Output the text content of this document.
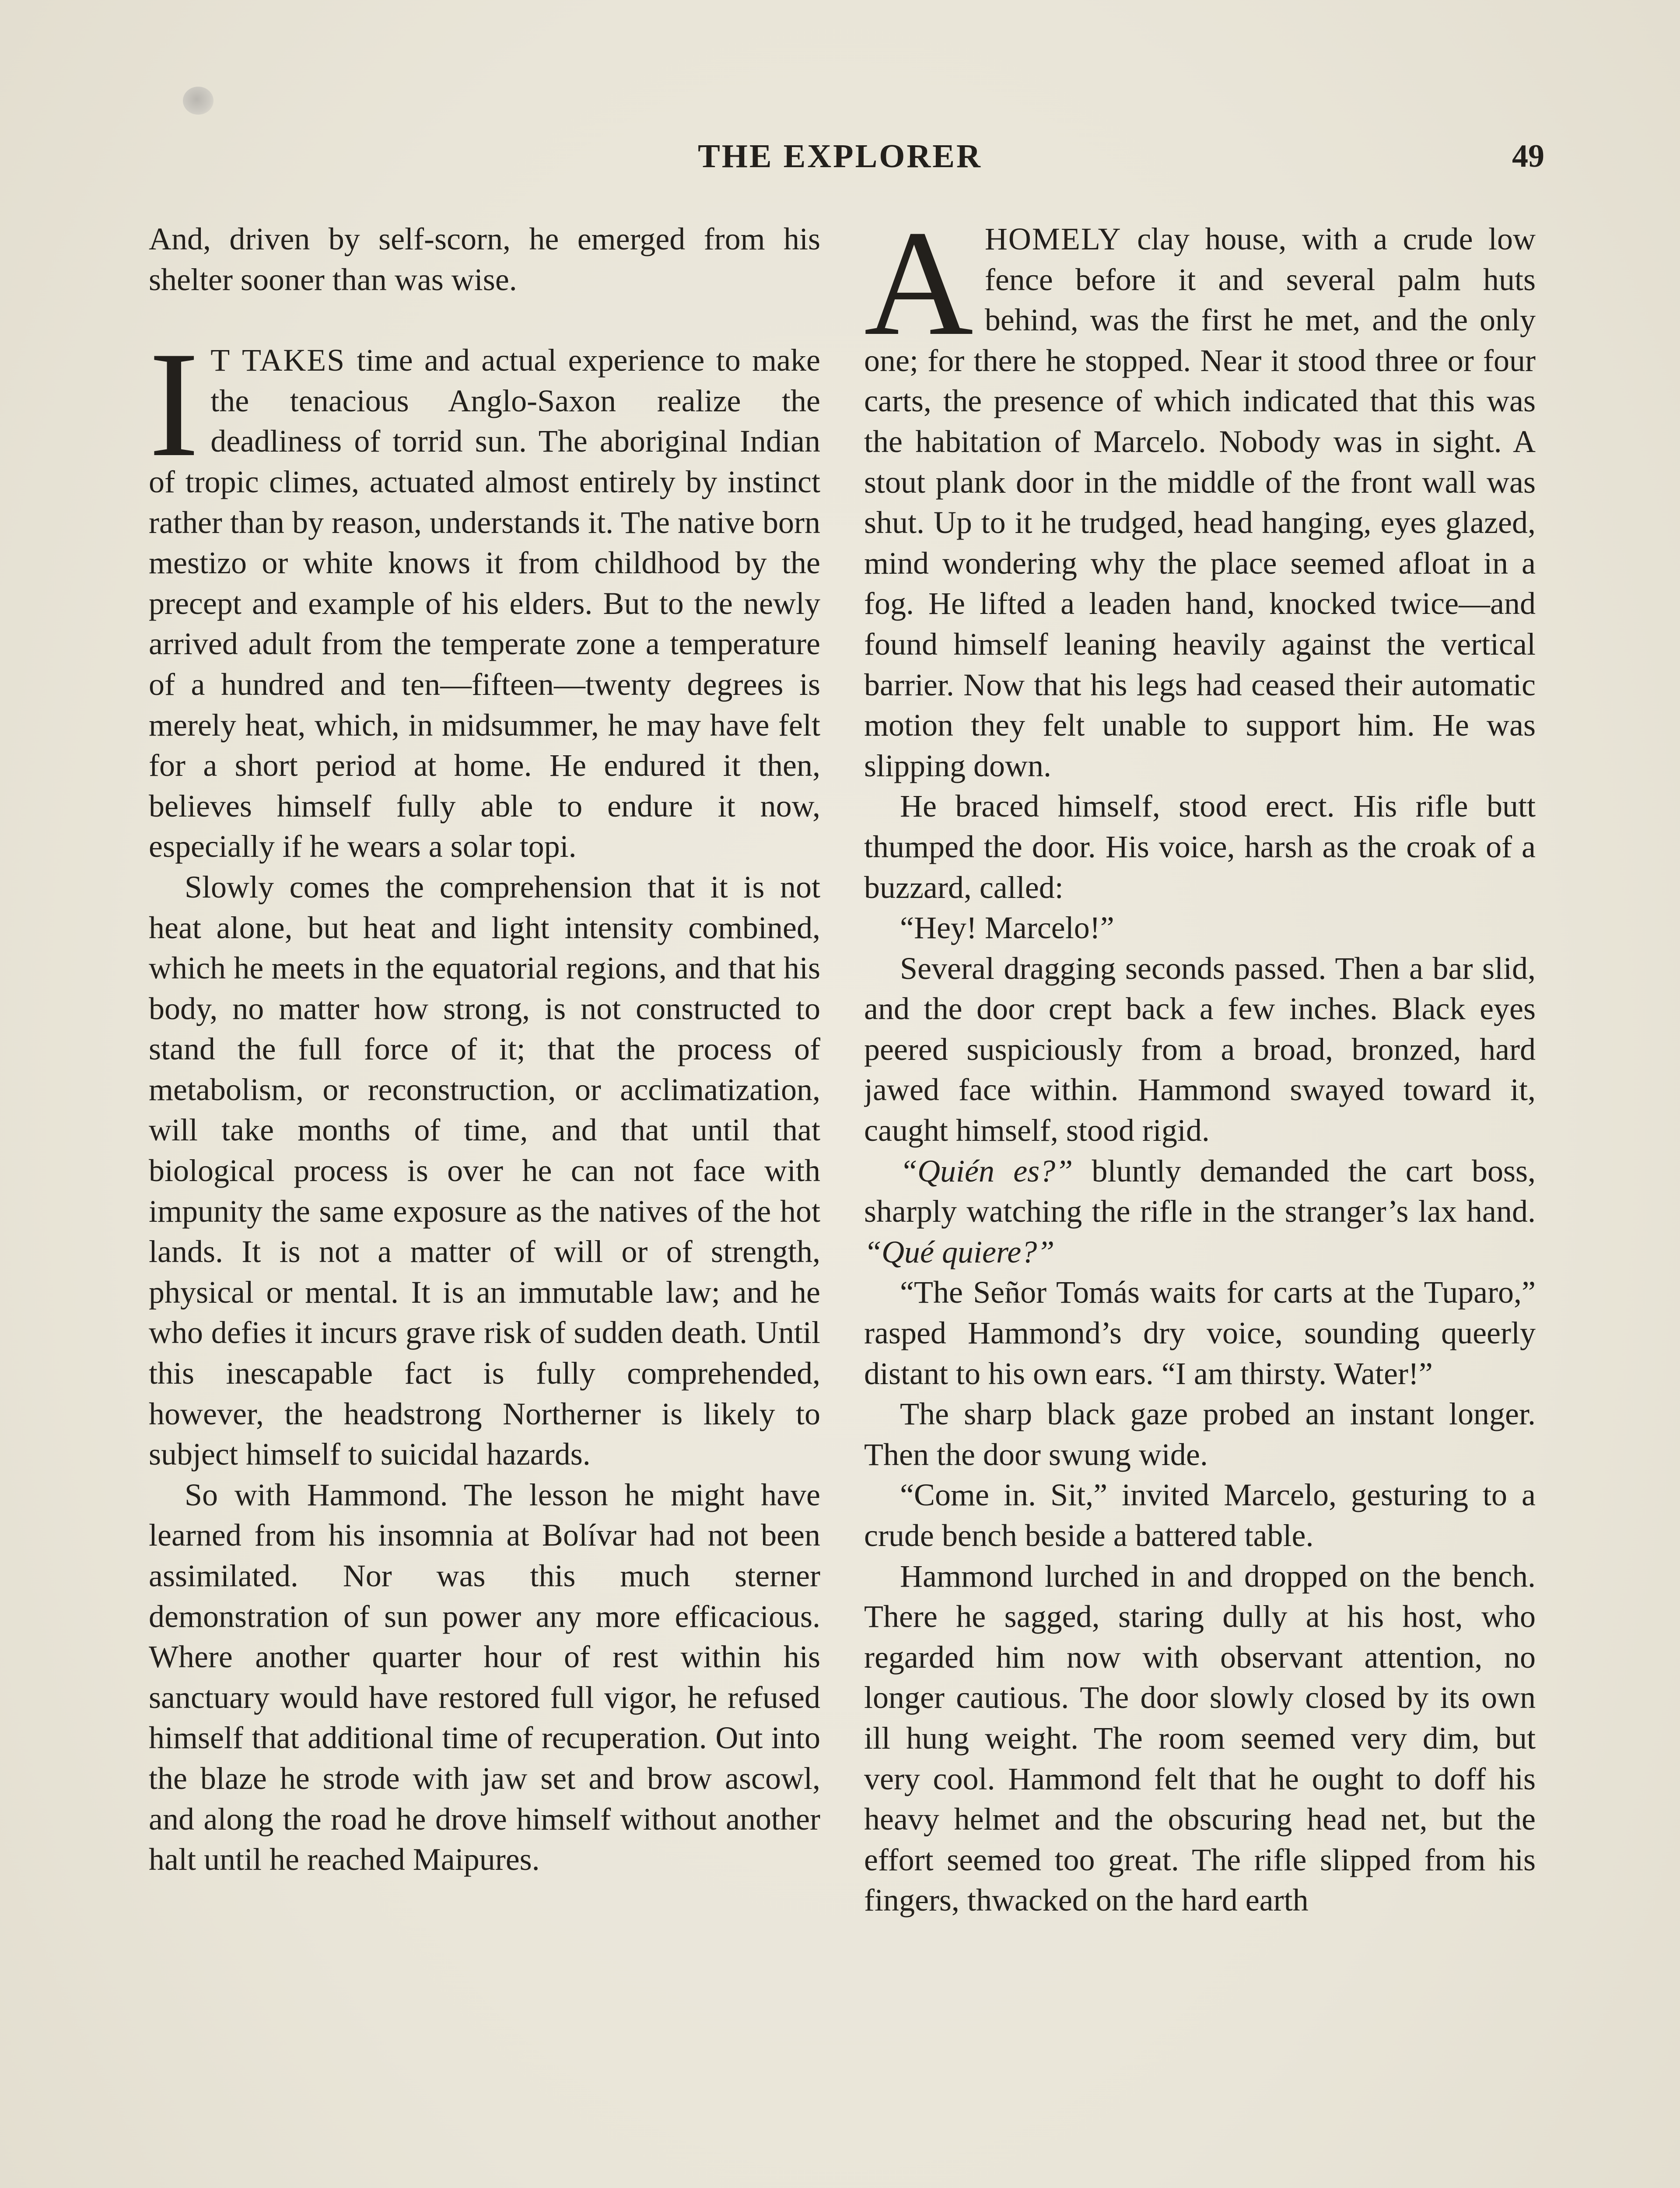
THE EXPLORER	49

And, driven by self-scorn, he emerged from his shelter sooner than was wise.

I T TAKES time and actual experience to make the tenacious Anglo-Saxon realize the deadliness of torrid sun. The aboriginal Indian of tropic climes, actuated almost entirely by instinct rather than by reason, understands it. The native born mestizo or white knows it from childhood by the precept and example of his elders. But to the newly arrived adult from the temperate zone a temperature of a hundred and ten—fifteen—twenty degrees is merely heat, which, in midsummer, he may have felt for a short period at home. He endured it then, believes himself fully able to endure it now, especially if he wears a solar topi.

Slowly comes the comprehension that it is not heat alone, but heat and light intensity combined, which he meets in the equatorial regions, and that his body, no matter how strong, is not constructed to stand the full force of it; that the process of metabolism, or reconstruction, or acclimatization, will take months of time, and that until that biological process is over he can not face with impunity the same exposure as the natives of the hot lands. It is not a matter of will or of strength, physical or mental. It is an immutable law; and he who defies it incurs grave risk of sudden death. Until this inescapable fact is fully comprehended, however, the headstrong Northerner is likely to subject himself to suicidal hazards.

So with Hammond. The lesson he might have learned from his insomnia at Bolívar had not been assimilated. Nor was this much sterner demonstration of sun power any more efficacious. Where another quarter hour of rest within his sanctuary would have restored full vigor, he refused himself that additional time of recuperation. Out into the blaze he strode with jaw set and brow ascowl, and along the road he drove himself without another halt until he reached Maipures.

AHOMELY clay house, with a crude low fence before it and several palm huts behind, was the first he met, and the only one; for there he stopped. Near it stood three or four carts, the presence of which indicated that this was the habitation of Marcelo. Nobody was in sight. A stout plank door in the middle of the front wall was shut. Up to it he trudged, head hanging, eyes glazed, mind wondering why the place seemed afloat in a fog. He lifted a leaden hand, knocked twice—and found himself leaning heavily against the vertical barrier. Now that his legs had ceased their automatic motion they felt unable to support him. He was slipping down.

He braced himself, stood erect. His rifle butt thumped the door. His voice, harsh as the croak of a buzzard, called:

“Hey! Marcelo!”

Several dragging seconds passed. Then a bar slid, and the door crept back a few inches. Black eyes peered suspiciously from a broad, bronzed, hard jawed face within. Hammond swayed toward it, caught himself, stood rigid.

“Quién es?” bluntly demanded the cart boss, sharply watching the rifle in the stranger’s lax hand. “Qué quiere?”

“The Señor Tomás waits for carts at the Tuparo,” rasped Hammond’s dry voice, sounding queerly distant to his own ears. “I am thirsty. Water!”

The sharp black gaze probed an instant longer. Then the door swung wide.

“Come in. Sit,” invited Marcelo, gesturing to a crude bench beside a battered table.

Hammond lurched in and dropped on the bench. There he sagged, staring dully at his host, who regarded him now with observant attention, no longer cautious. The door slowly closed by its own ill hung weight. The room seemed very dim, but very cool. Hammond felt that he ought to doff his heavy helmet and the obscuring head net, but the effort seemed too great. The rifle slipped from his fingers, thwacked on the hard earth
